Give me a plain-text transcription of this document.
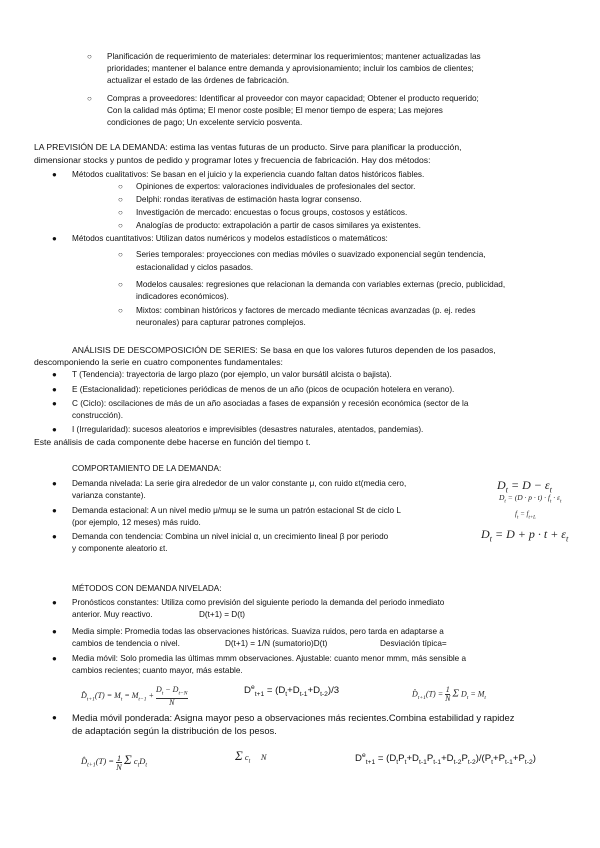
○ Planificación de requerimiento de materiales: determinar los requerimientos; mantener actualizadas las
prioridades; mantener el balance entre demanda y aprovisionamiento; incluir los cambios de clientes;
actualizar el estado de las órdenes de fabricación.
○ Compras a proveedores: Identificar al proveedor con mayor capacidad; Obtener el producto requerido;
Con la calidad más óptima; El menor coste posible; El menor tiempo de espera; Las mejores
condiciones de pago; Un excelente servicio posventa.
LA PREVISIÓN DE LA DEMANDA: estima las ventas futuras de un producto. Sirve para planificar la producción,
dimensionar stocks y puntos de pedido y programar lotes y frecuencia de fabricación. Hay dos métodos:
● Métodos cualitativos: Se basan en el juicio y la experiencia cuando faltan datos históricos fiables.
○ Opiniones de expertos: valoraciones individuales de profesionales del sector.
○ Delphi: rondas iterativas de estimación hasta lograr consenso.
○ Investigación de mercado: encuestas o focus groups, costosos y estáticos.
○ Analogías de producto: extrapolación a partir de casos similares ya existentes.
● Métodos cuantitativos: Utilizan datos numéricos y modelos estadísticos o matemáticos:
○ Series temporales: proyecciones con medias móviles o suavizado exponencial según tendencia,
estacionalidad y ciclos pasados.
○ Modelos causales: regresiones que relacionan la demanda con variables externas (precio, publicidad,
indicadores económicos).
○ Mixtos: combinan históricos y factores de mercado mediante técnicas avanzadas (p. ej. redes
neuronales) para capturar patrones complejos.
ANÁLISIS DE DESCOMPOSICIÓN DE SERIES: Se basa en que los valores futuros dependen de los pasados,
descomponiendo la serie en cuatro componentes fundamentales:
● T (Tendencia): trayectoria de largo plazo (por ejemplo, un valor bursátil alcista o bajista).
● E (Estacionalidad): repeticiones periódicas de menos de un año (picos de ocupación hotelera en verano).
● C (Ciclo): oscilaciones de más de un año asociadas a fases de expansión y recesión económica (sector de la
construcción).
● I (Irregularidad): sucesos aleatorios e imprevisibles (desastres naturales, atentados, pandemias).
Este análisis de cada componente debe hacerse en función del tiempo t.
COMPORTAMIENTO DE LA DEMANDA:
● Demanda nivelada: La serie gira alrededor de un valor constante μ, con ruido εt(media cero,
varianza constante).
● Demanda estacional: A un nivel medio μ/muμ se le suma un patrón estacional St de ciclo L
(por ejemplo, 12 meses) más ruido.
● Demanda con tendencia: Combina un nivel inicial α, un crecimiento lineal β por periodo
y componente aleatorio εt.
$D_t = D - \varepsilon_t$
$D_t = (D \cdot p \cdot t) \cdot f_t \cdot \varepsilon_t$
$f_t = f_{t+L}$
$D_t = D + p \cdot t + \varepsilon_t$
MÉTODOS CON DEMANDA NIVELADA:
● Pronósticos constantes: Utiliza como previsión del siguiente periodo la demanda del periodo inmediato
anterior. Muy reactivo.	D(t+1) = D(t)
● Media simple: Promedia todas las observaciones históricas. Suaviza ruidos, pero tarda en adaptarse a
cambios de tendencia o nivel.	D(t+1) = 1/N (sumatorio)D(t)	Desviación típica=
● Media móvil: Solo promedia las últimas mmm observaciones. Ajustable: cuanto menor mmm, más sensible a
cambios recientes; cuanto mayor, más estable.
$D̂_{t+1}(T) = M_t = M_{t-1} + \frac{D_t - D_{t-N}}{N}$	$D^e_{t+1} = (D_t+D_{t-1}+D_{t-2})/3$	$D̂_{t+1}(T) = \frac{1}{N}$ Σ $D_t = M_t$
● Media móvil ponderada: Asigna mayor peso a observaciones más recientes.Combina estabilidad y rapidez
de adaptación según la distribución de los pesos.
$D̂_{t+1}(T) = \frac{1}{N}$ Σ $c_tD_t$
Σ $c_t$     N	$D^e_{t+1} = (D_tP_t+D_{t-1}P_{t-1}+D_{t-2}P_{t-2})/(P_t+P_{t-1}+P_{t-2})$
